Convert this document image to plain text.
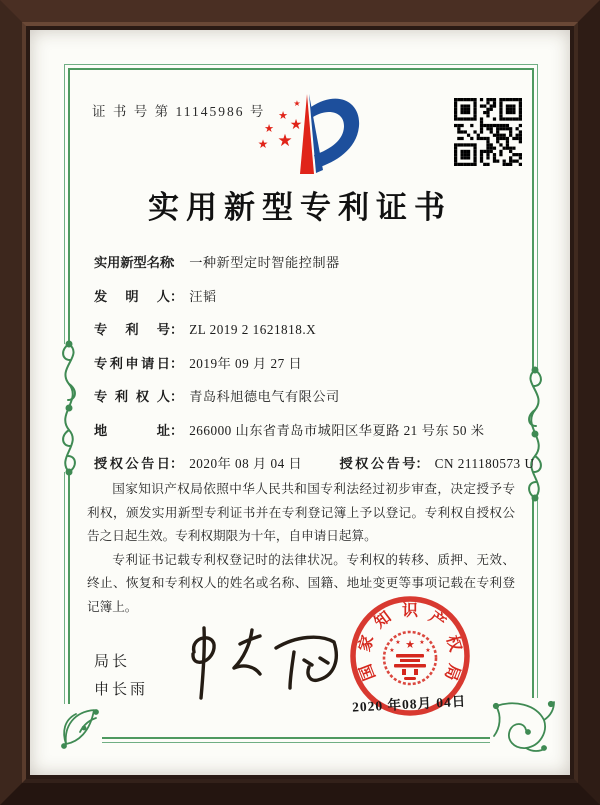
证 书 号 第 11145986 号
★
★
★
★
★
★
实用新型专利证书
实用新型名称： 一种新型定时智能控制器
发明人： 汪韬
专利号： ZL 2019 2 1621818.X
专利申请日： 2019年 09 月 27 日
专利权人： 青岛科旭德电气有限公司
地址： 266000 山东省青岛市城阳区华夏路 21 号东 50 米
授权公告日： 2020年 08 月 04 日	授权公告号： CN 211180573 U

国家知识产权局依照中华人民共和国专利法经过初步审查，决定授予专利权，颁发实用新型专利证书并在专利登记簿上予以登记。专利权自授权公告之日起生效。专利权期限为十年，自申请日起算。

专利证书记载专利权登记时的法律状况。专利权的转移、质押、无效、终止、恢复和专利权人的姓名或名称、国籍、地址变更等事项记载在专利登记簿上。

局长
申长雨
国
家
知 识 产
权
局
★
★	★
★	★
2020 年08月 04日
